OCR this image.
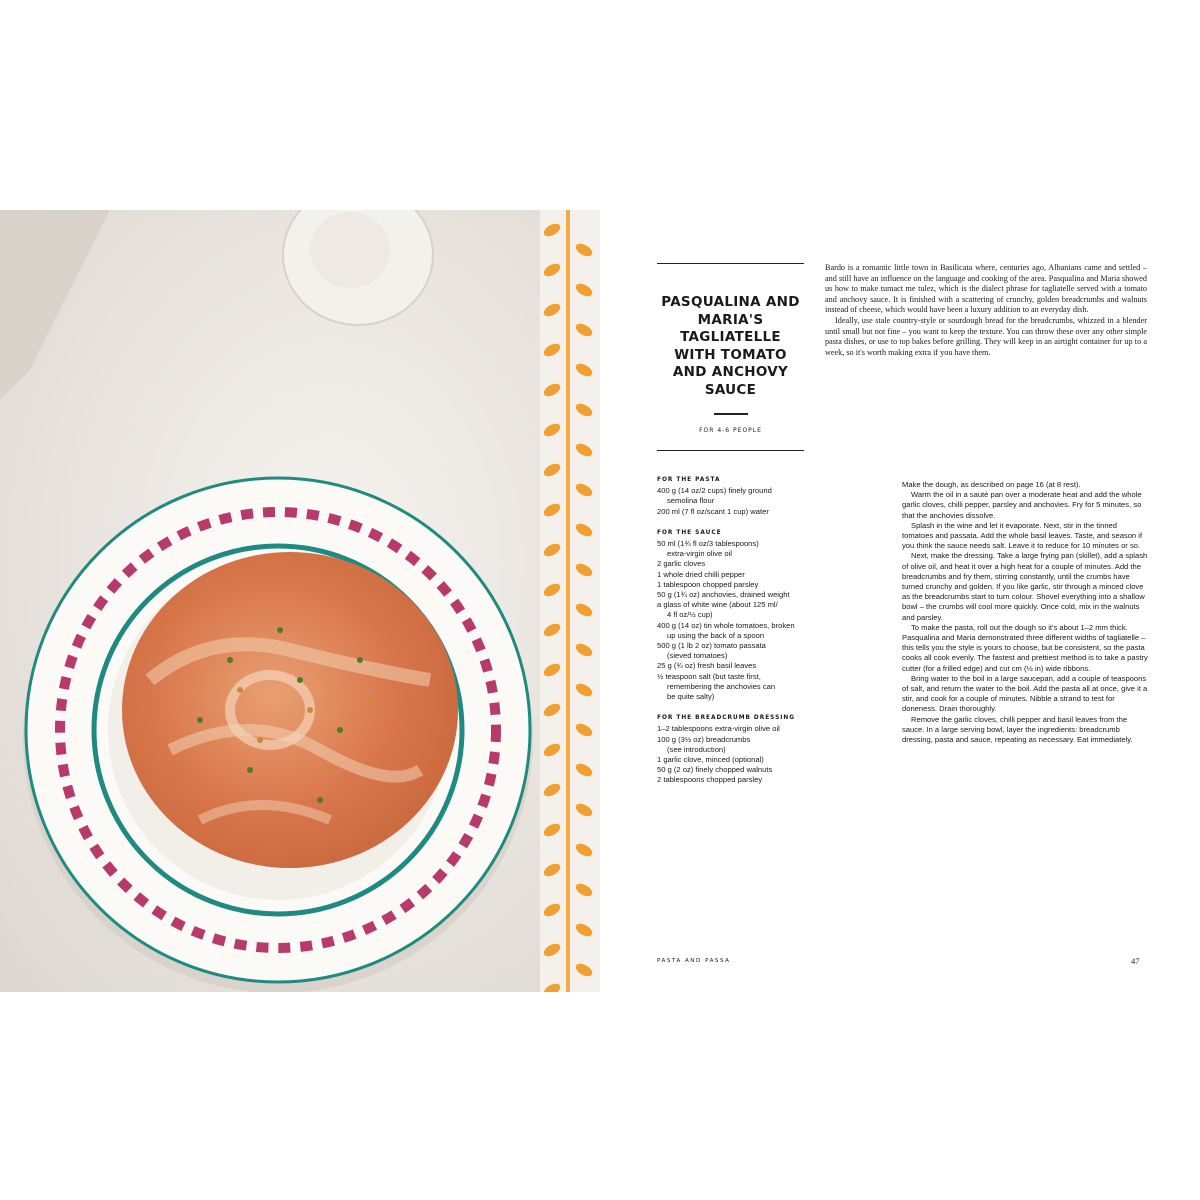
PASQUALINA AND MARIA'S TAGLIATELLE WITH TOMATO AND ANCHOVY SAUCE
FOR 4-6 PEOPLE

Bardo is a romantic little town in Basilicata where, centuries ago, Albanians came and settled – and still have an influence on the language and cooking of the area. Pasqualina and Maria showed us how to make tumact me tulez, which is the dialect phrase for tagliatelle served with a tomato and anchovy sauce. It is finished with a scattering of crunchy, golden breadcrumbs and walnuts instead of cheese, which would have been a luxury addition to an everyday dish.

Ideally, use stale country-style or sourdough bread for the breadcrumbs, whizzed in a blender until small but not fine – you want to keep the texture. You can throw these over any other simple pasta dishes, or use to top bakes before grilling. They will keep in an airtight container for up to a week, so it's worth making extra if you have them.

FOR THE PASTA
400 g (14 oz/2 cups) finely ground
semolina flour
200 ml (7 fl oz/scant 1 cup) water
FOR THE SAUCE
50 ml (1¾ fl oz/3 tablespoons)
extra-virgin olive oil
2 garlic cloves
1 whole dried chilli pepper
1 tablespoon chopped parsley
50 g (1¾ oz) anchovies, drained weight
a glass of white wine (about 125 ml/
4 fl oz/½ cup)
400 g (14 oz) tin whole tomatoes, broken
up using the back of a spoon
500 g (1 lb 2 oz) tomato passata
(sieved tomatoes)
25 g (¾ oz) fresh basil leaves
½ teaspoon salt (but taste first,
remembering the anchovies can
be quite salty)
FOR THE BREADCRUMB DRESSING
1–2 tablespoons extra-virgin olive oil
100 g (3½ oz) breadcrumbs
(see introduction)
1 garlic clove, minced (optional)
50 g (2 oz) finely chopped walnuts
2 tablespoons chopped parsley

Make the dough, as described on page 16 (at 8 rest).

Warm the oil in a sauté pan over a moderate heat and add the whole garlic cloves, chilli pepper, parsley and anchovies. Fry for 5 minutes, so that the anchovies dissolve.

Splash in the wine and let it evaporate. Next, stir in the tinned tomatoes and passata. Add the whole basil leaves. Taste, and season if you think the sauce needs salt. Leave it to reduce for 10 minutes or so.

Next, make the dressing. Take a large frying pan (skillet), add a splash of olive oil, and heat it over a high heat for a couple of minutes. Add the breadcrumbs and fry them, stirring constantly, until the crumbs have turned crunchy and golden. If you like garlic, stir through a minced clove as the breadcrumbs start to turn colour. Shovel everything into a shallow bowl – the crumbs will cool more quickly. Once cold, mix in the walnuts and parsley.

To make the pasta, roll out the dough so it's about 1–2 mm thick. Pasqualina and Maria demonstrated three different widths of tagliatelle – this tells you the style is yours to choose, but be consistent, so the pasta cooks all cook evenly. The fastest and prettiest method is to take a pastry cutter (for a frilled edge) and cut cm (½ in) wide ribbons.

Bring water to the boil in a large saucepan, add a couple of teaspoons of salt, and return the water to the boil. Add the pasta all at once, give it a stir, and cook for a couple of minutes. Nibble a strand to test for doneness. Drain thoroughly.

Remove the garlic cloves, chilli pepper and basil leaves from the sauce. In a large serving bowl, layer the ingredients: breadcrumb dressing, pasta and sauce, repeating as necessary. Eat immediately.

PASTA AND PASSA	47
